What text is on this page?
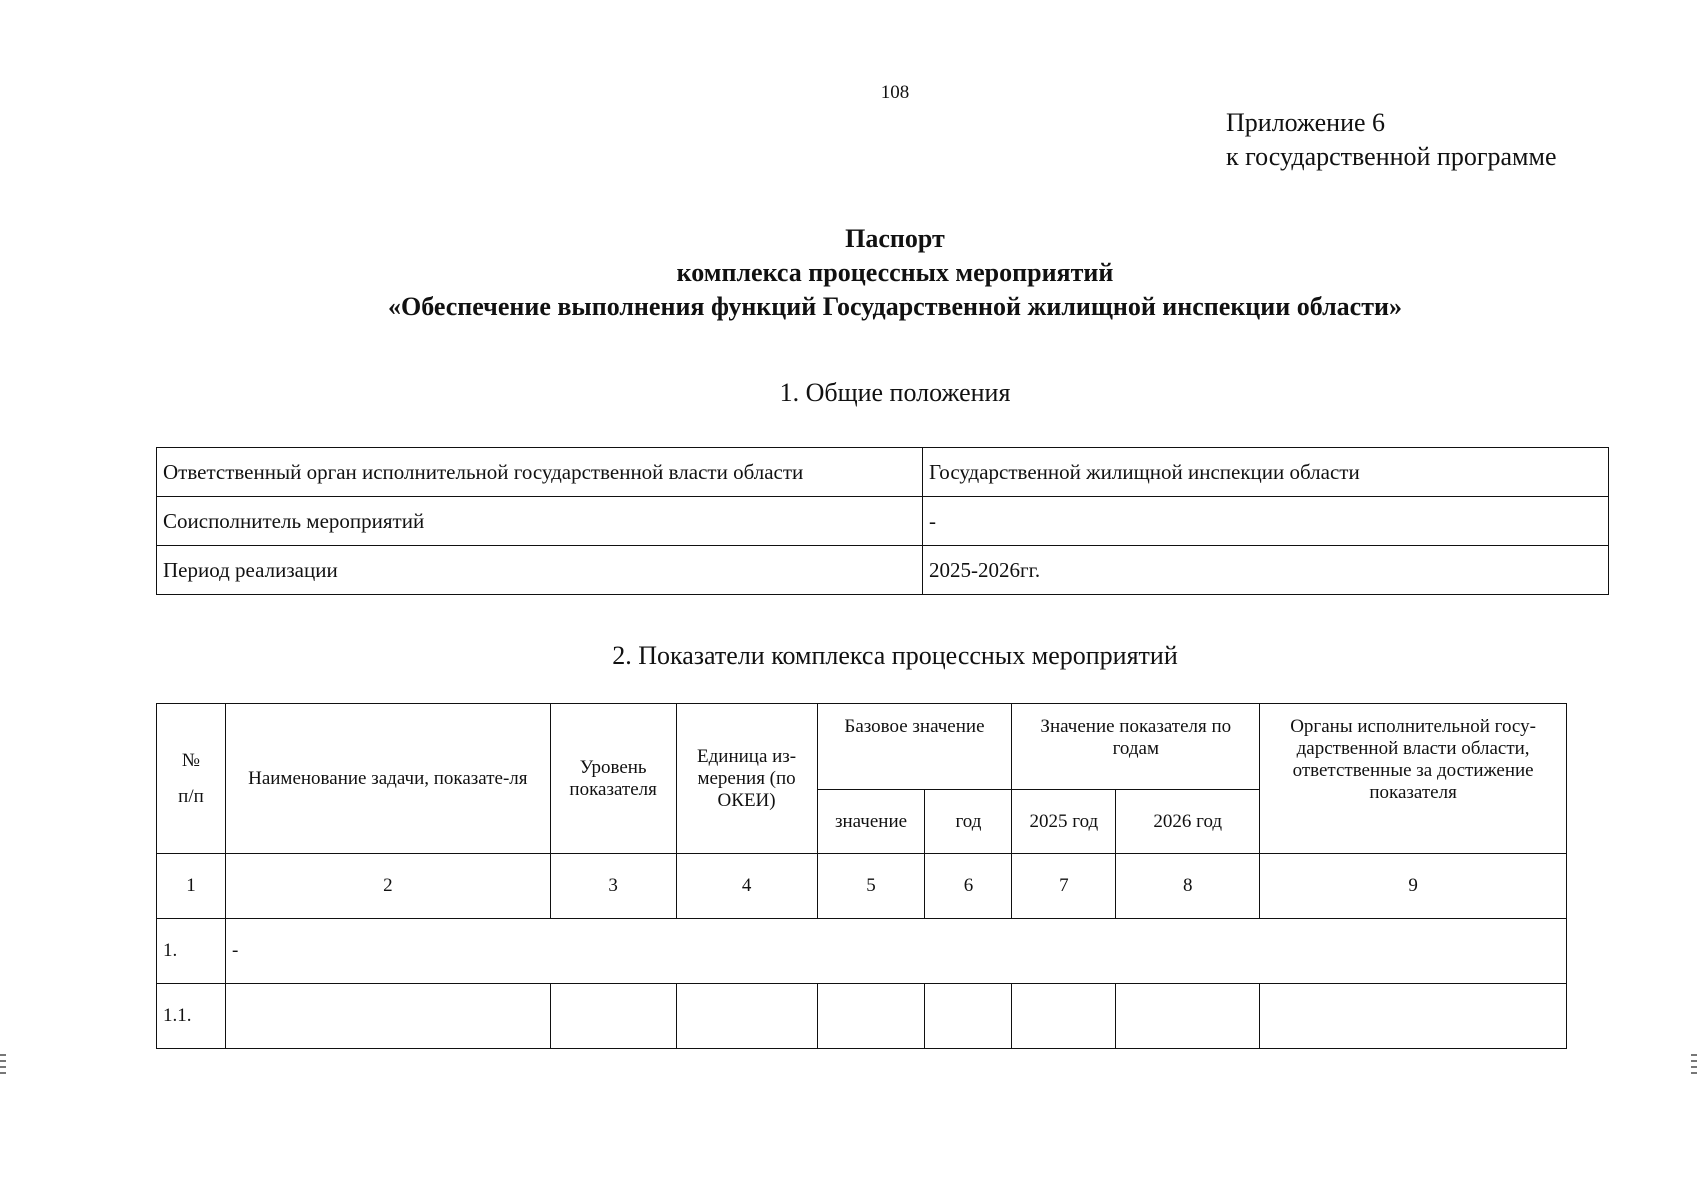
108
Приложение 6
к государственной программе
Паспорт
комплекса процессных мероприятий
«Обеспечение выполнения функций Государственной жилищной инспекции области»
1. Общие положения
Ответственный орган исполнительной государственной власти области	Государственной жилищной инспекции области
Соисполнитель мероприятий	-
Период реализации	2025-2026гг.
2. Показатели комплекса процессных мероприятий
№
п/п	Наименование задачи, показате-ля	Уровень показателя	Единица из-мерения (по ОКЕИ)	Базовое значение		Значение показателя по годам		Органы исполнительной госу-дарственной власти области, ответственные за достижение показателя
				значение	год	2025 год	2026 год	
1	2	3	4	5	6	7	8	9
1.	-							
1.1.								
